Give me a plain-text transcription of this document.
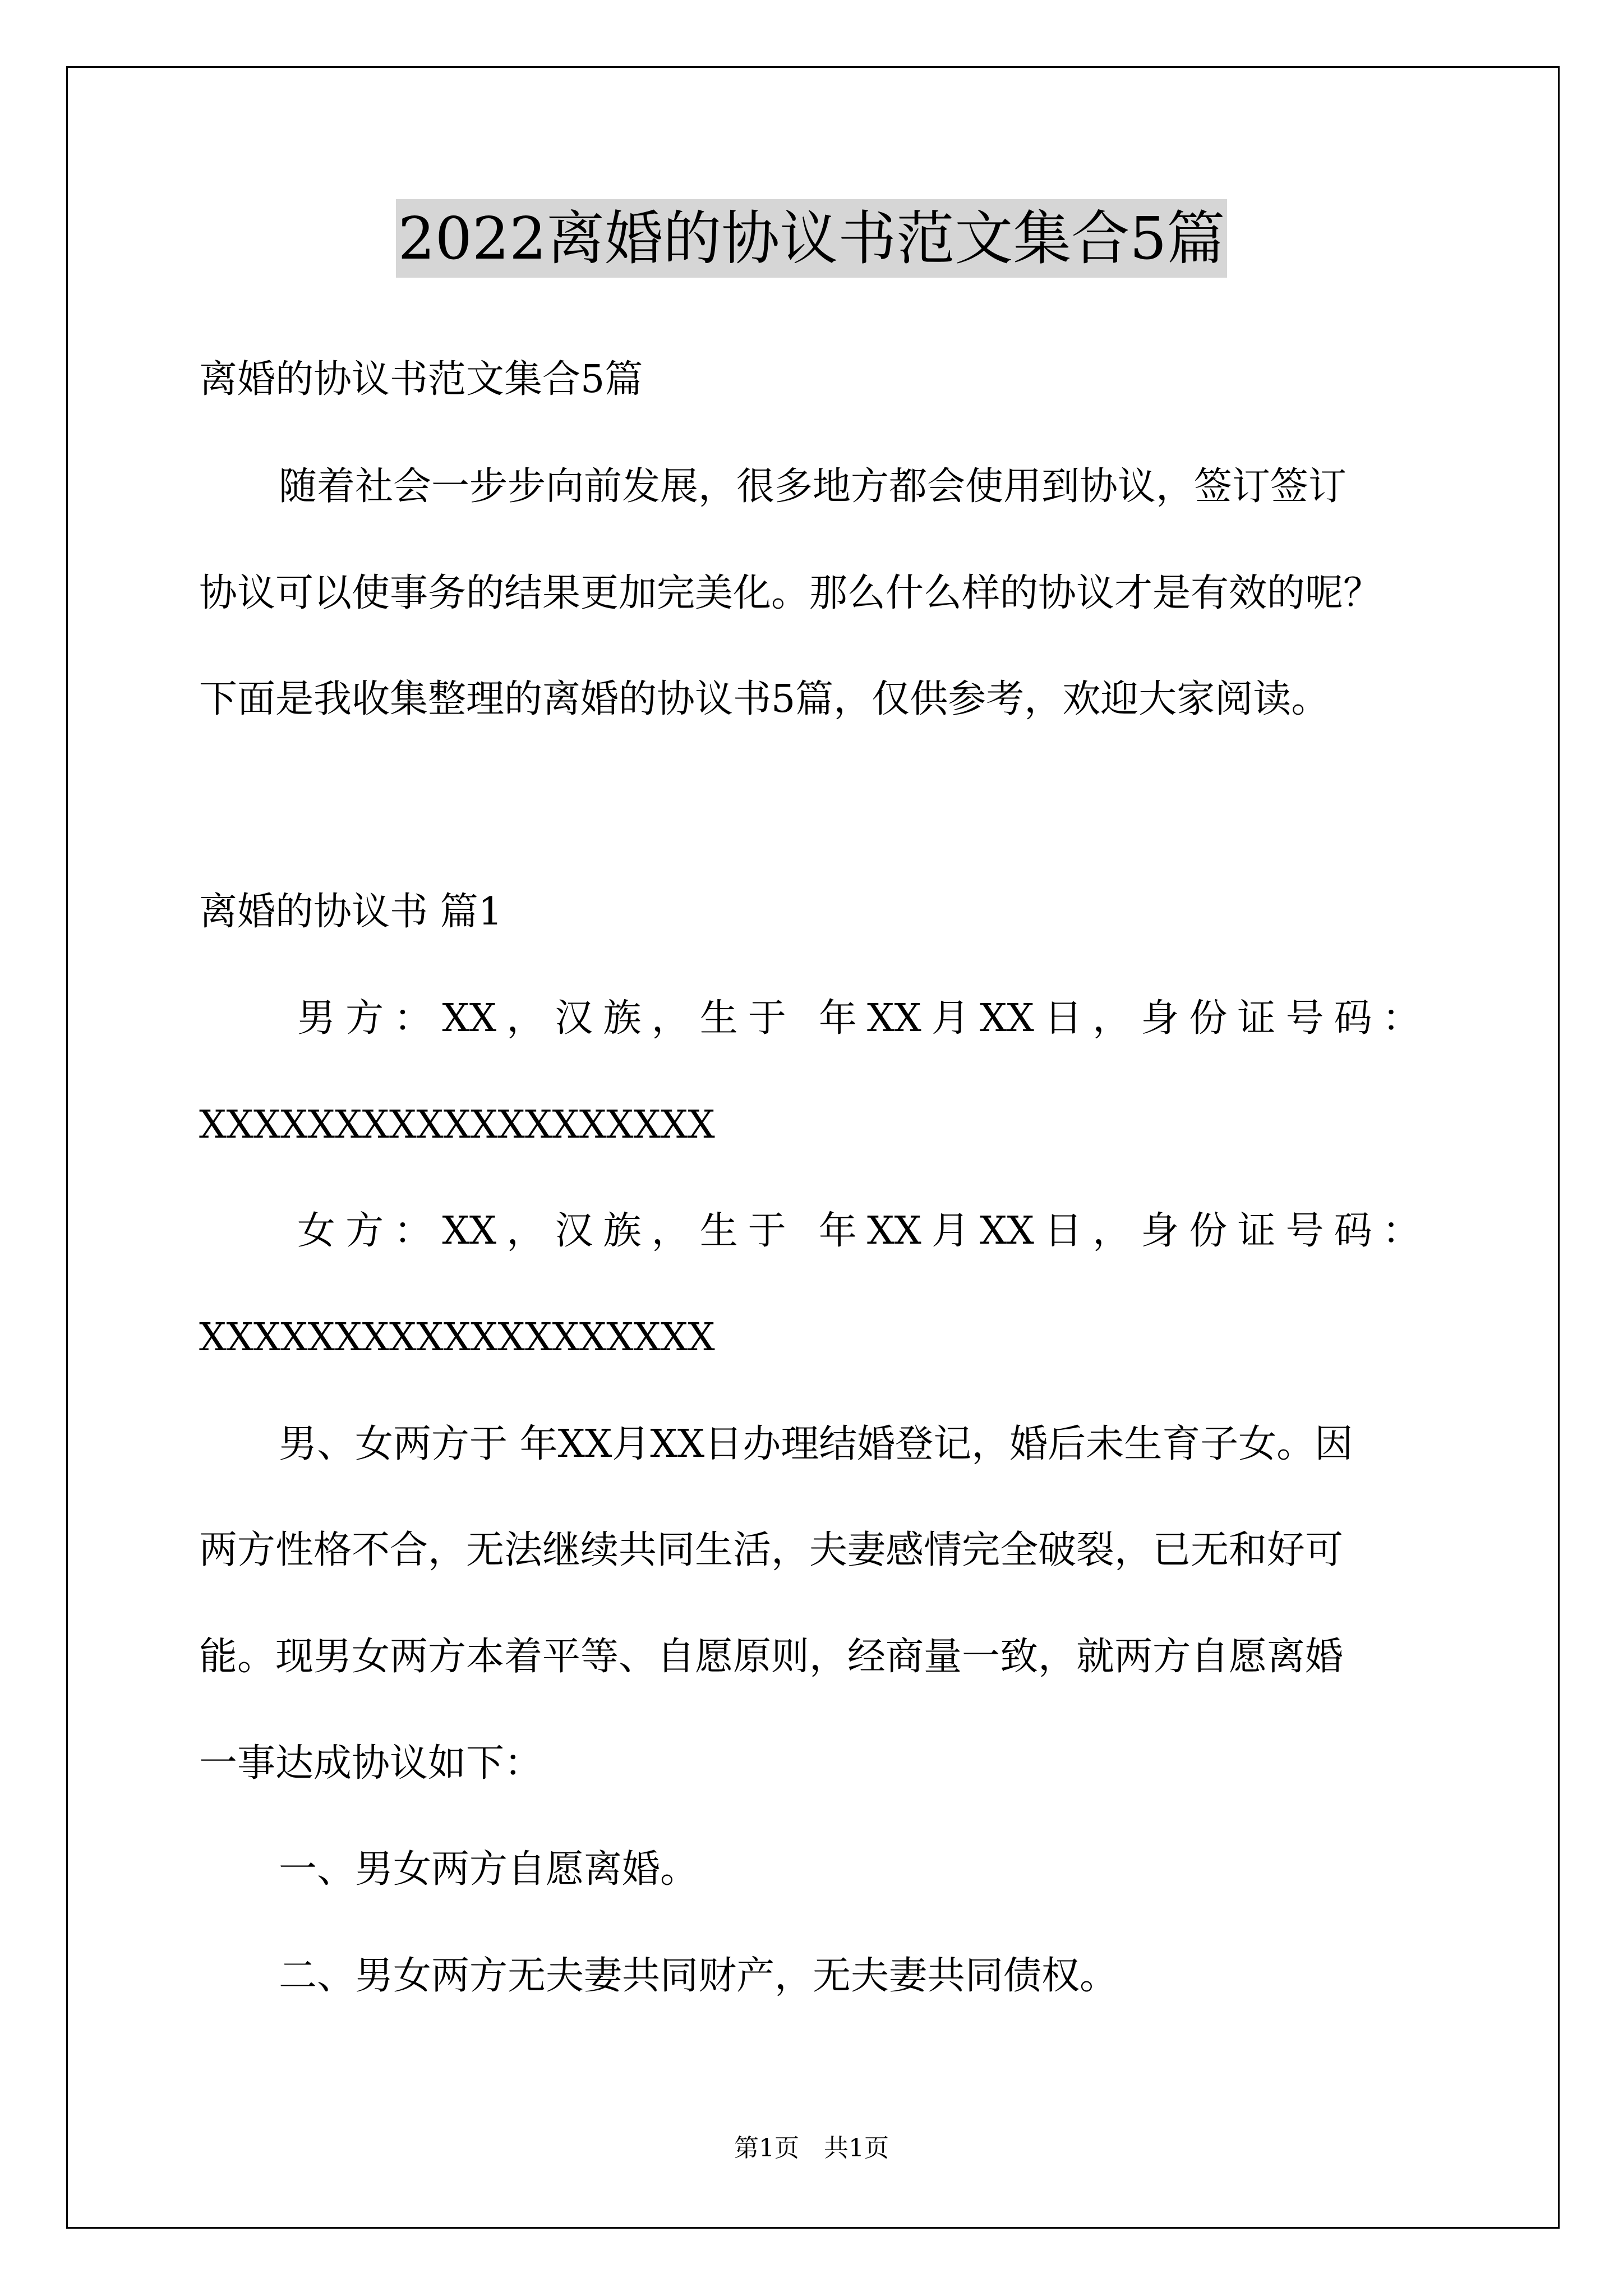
2022离婚的协议书范文集合5篇
离婚的协议书范文集合5篇
随着社会一步步向前发展，很多地方都会使用到协议，签订签订
协议可以使事务的结果更加完美化。那么什么样的协议才是有效的呢？
下面是我收集整理的离婚的协议书5篇，仅供参考，欢迎大家阅读。
离婚的协议书 篇1
男 方 ： XX ， 汉 族 ， 生 于 年 XX 月 XX 日 ， 身 份 证 号 码 ：
XXXXXXXXXXXXXXXXXXX
女 方 ： XX ， 汉 族 ， 生 于 年 XX 月 XX 日 ， 身 份 证 号 码 ：
XXXXXXXXXXXXXXXXXXX
男、女两方于 年XX月XX日办理结婚登记，婚后未生育子女。因
两方性格不合，无法继续共同生活，夫妻感情完全破裂，已无和好可
能。现男女两方本着平等、自愿原则，经商量一致，就两方自愿离婚
一事达成协议如下：
一、男女两方自愿离婚。
二、男女两方无夫妻共同财产，无夫妻共同债权。
第1页　共1页
